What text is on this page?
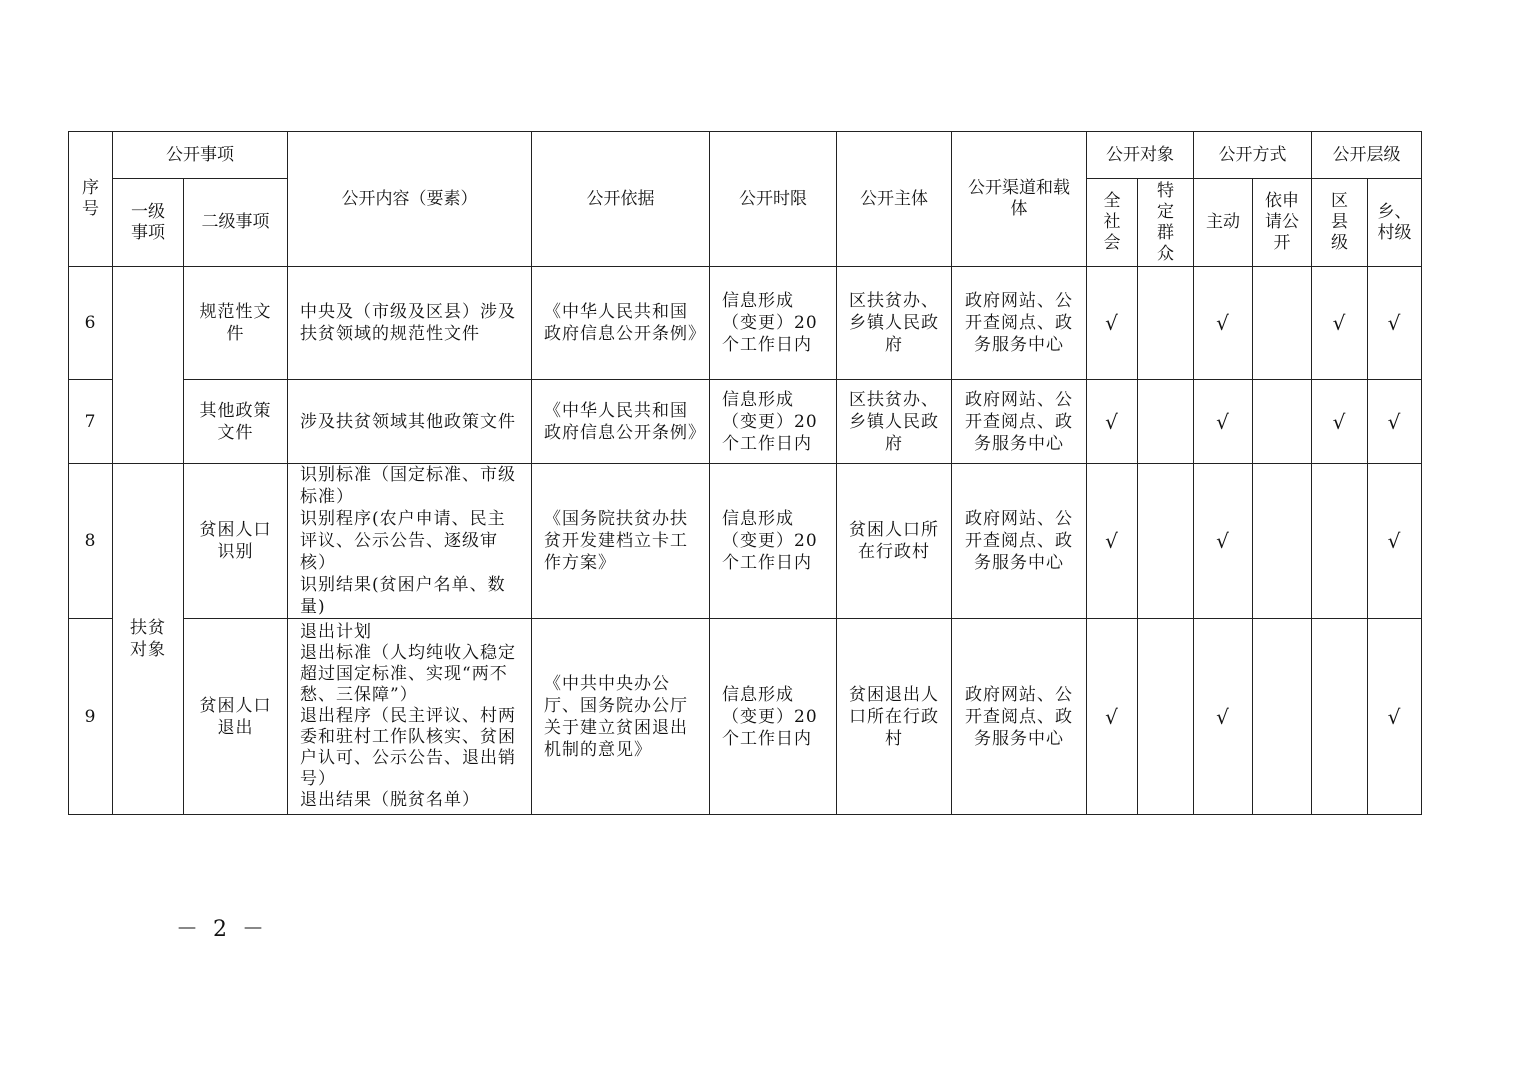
序号	公开事项		公开内容（要素）	公开依据	公开时限	公开主体	公开渠道和载体	公开对象		公开方式		公开层级	
	一级事项	二级事项						全社会	特定群众	主动	依申请公开	区县级	乡、村级
6		规范性文件	中央及（市级及区县）涉及扶贫领域的规范性文件	《中华人民共和国政府信息公开条例》	信息形成（变更）20个工作日内	区扶贫办、乡镇人民政府	政府网站、公开查阅点、政务服务中心	√		√		√	√
7		其他政策文件	涉及扶贫领域其他政策文件	《中华人民共和国政府信息公开条例》	信息形成（变更）20个工作日内	区扶贫办、乡镇人民政府	政府网站、公开查阅点、政务服务中心	√		√		√	√
8	扶贫对象	贫困人口识别	识别标准（国定标准、市级标准）
识别程序(农户申请、民主评议、公示公告、逐级审核）
识别结果(贫困户名单、数量)	《国务院扶贫办扶贫开发建档立卡工作方案》	信息形成（变更）20个工作日内	贫困人口所在行政村	政府网站、公开查阅点、政务服务中心	√		√			√
9		贫困人口退出	退出计划
退出标准（人均纯收入稳定超过国定标准、实现“两不愁、三保障”）
退出程序（民主评议、村两委和驻村工作队核实、贫困户认可、公示公告、退出销号）
退出结果（脱贫名单）	《中共中央办公厅、国务院办公厅关于建立贫困退出机制的意见》	信息形成（变更）20个工作日内	贫困退出人口所在行政村	政府网站、公开查阅点、政务服务中心	√		√			√
－ 2 －
